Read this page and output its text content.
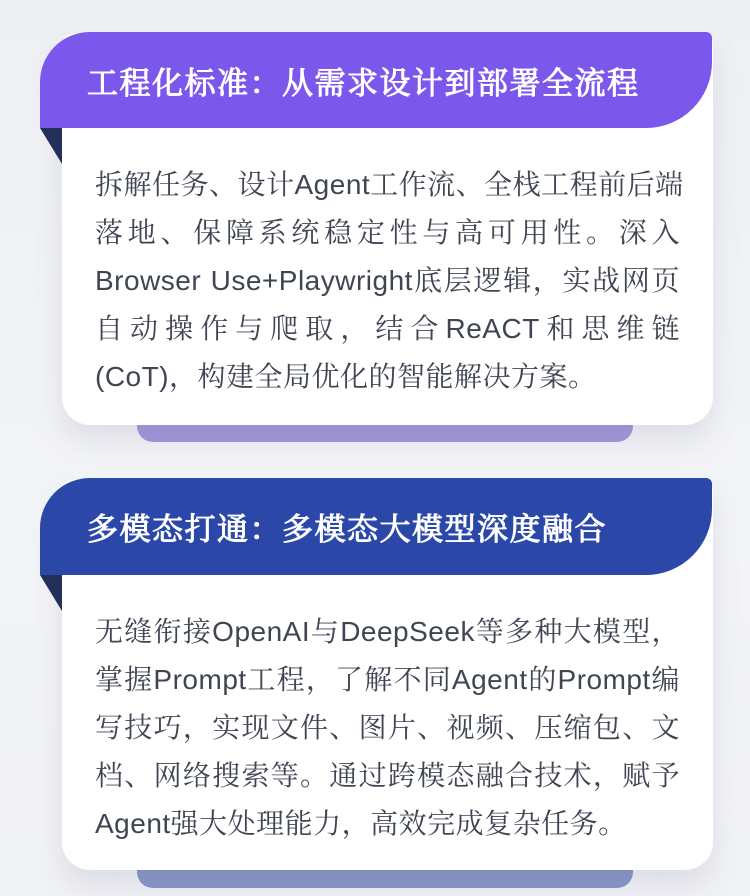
拆解任务、设计Agent工作流、全栈工程前后端
落地、保障系统稳定性与高可用性。深入
Browser Use+Playwright底层逻辑，实战网页
自动操作与爬取，结合ReACT和思维链
(CoT)，构建全局优化的智能解决方案。
工程化标准：从需求设计到部署全流程
无缝衔接OpenAI与DeepSeek等多种大模型，
掌握Prompt工程，了解不同Agent的Prompt编
写技巧，实现文件、图片、视频、压缩包、文
档、网络搜索等。通过跨模态融合技术，赋予
Agent强大处理能力，高效完成复杂任务。
多模态打通：多模态大模型深度融合
